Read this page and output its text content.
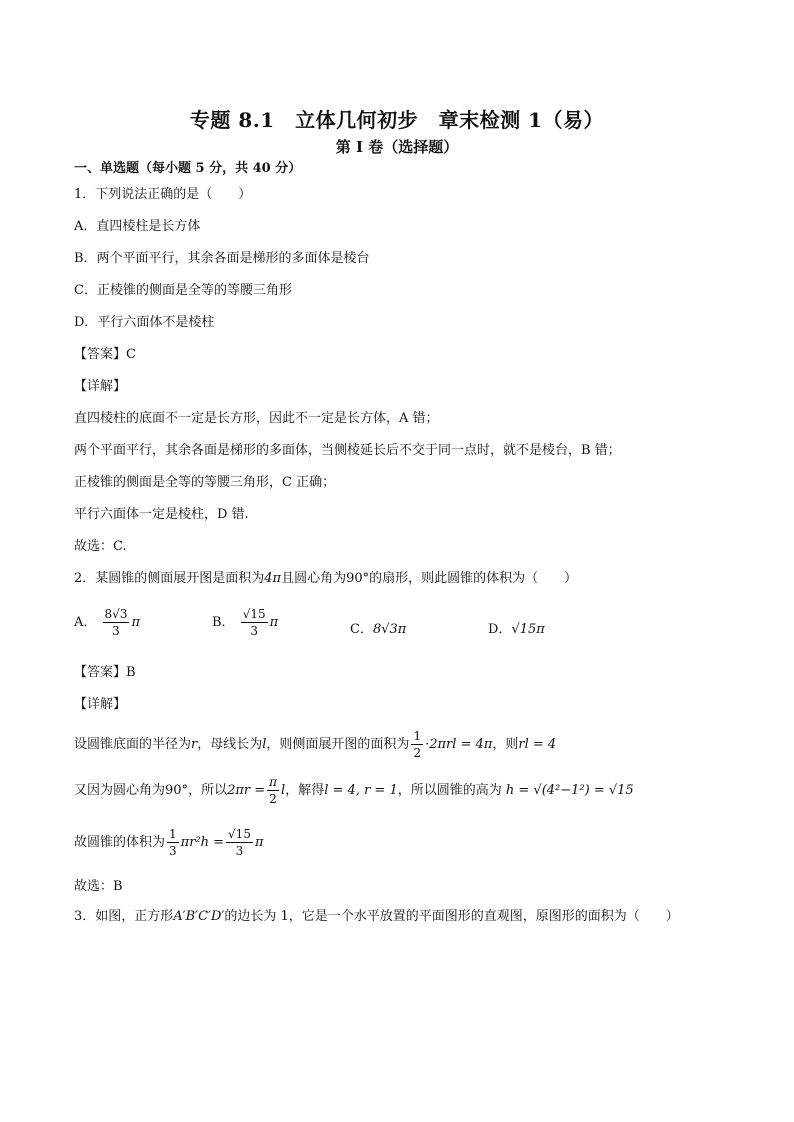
专题 8.1　立体几何初步　章末检测 1（易）
第 I 卷（选择题）
一、单选题（每小题 5 分，共 40 分）
1．下列说法正确的是（　　）
A．直四棱柱是长方体
B．两个平面平行，其余各面是梯形的多面体是棱台
C．正棱锥的侧面是全等的等腰三角形
D．平行六面体不是棱柱
【答案】C
【详解】
直四棱柱的底面不一定是长方形，因此不一定是长方体，A 错；
两个平面平行，其余各面是梯形的多面体，当侧棱延长后不交于同一点时，就不是棱台，B 错；
正棱锥的侧面是全等的等腰三角形，C 正确；
平行六面体一定是棱柱，D 错.
故选：C.
2．某圆锥的侧面展开图是面积为4π且圆心角为90°的扇形，则此圆锥的体积为（　　）
A． $\frac{8√3}{3}$ π	B． $\frac{√15}{3}$ π	C．8√3π	D．√15π
【答案】B
【详解】
设圆锥底面的半径为r，母线长为l，则侧面展开图的面积为 $\frac{1}{2} \cdot 2\pi rl = 4\pi$，则rl = 4
又因为圆心角为90°，所以$2\pi r = \frac{\pi}{2}$ l，解得l = 4, r = 1，所以圆锥的高为 h = √(4²−1²) = √15
故圆锥的体积为 $\frac{1}{3} \pi r^2h = \frac{√15}{3}$ π
故选：B
3．如图，正方形A′B′C′D′的边长为 1，它是一个水平放置的平面图形的直观图，原图形的面积为（　　）
